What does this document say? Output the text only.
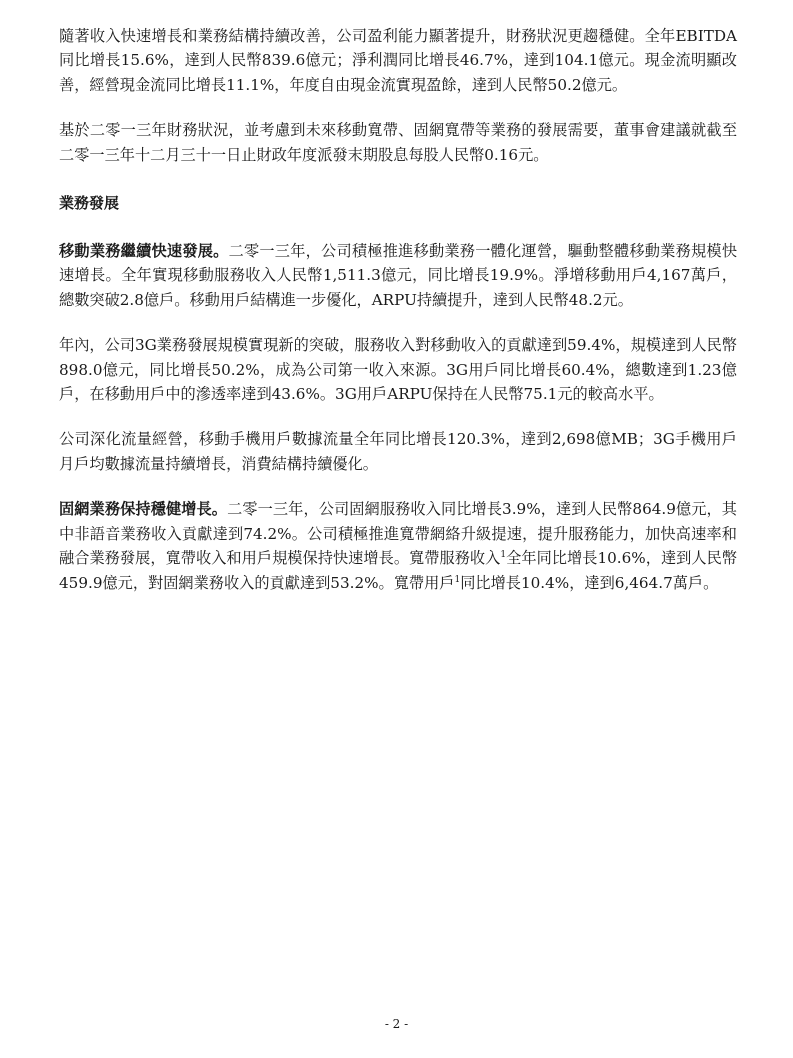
隨著收入快速增長和業務結構持續改善，公司盈利能力顯著提升，財務狀況更趨穩健。全年EBITDA同比增長15.6%，達到人民幣839.6億元；淨利潤同比增長46.7%，達到104.1億元。現金流明顯改善，經營現金流同比增長11.1%，年度自由現金流實現盈餘，達到人民幣50.2億元。

基於二零一三年財務狀況，並考慮到未來移動寬帶、固網寬帶等業務的發展需要，董事會建議就截至二零一三年十二月三十一日止財政年度派發末期股息每股人民幣0.16元。

業務發展

移動業務繼續快速發展。二零一三年，公司積極推進移動業務一體化運營，驅動整體移動業務規模快速增長。全年實現移動服務收入人民幣1,511.3億元，同比增長19.9%。淨增移動用戶4,167萬戶，總數突破2.8億戶。移動用戶結構進一步優化，ARPU持續提升，達到人民幣48.2元。

年內，公司3G業務發展規模實現新的突破，服務收入對移動收入的貢獻達到59.4%，規模達到人民幣898.0億元，同比增長50.2%，成為公司第一收入來源。3G用戶同比增長60.4%，總數達到1.23億戶，在移動用戶中的滲透率達到43.6%。3G用戶ARPU保持在人民幣75.1元的較高水平。

公司深化流量經營，移動手機用戶數據流量全年同比增長120.3%，達到2,698億MB；3G手機用戶月戶均數據流量持續增長，消費結構持續優化。

固網業務保持穩健增長。二零一三年，公司固網服務收入同比增長3.9%，達到人民幣864.9億元，其中非語音業務收入貢獻達到74.2%。公司積極推進寬帶網絡升級提速，提升服務能力，加快高速率和融合業務發展，寬帶收入和用戶規模保持快速增長。寬帶服務收入$^1$全年同比增長10.6%，達到人民幣459.9億元，對固網業務收入的貢獻達到53.2%。寬帶用戶$^1$同比增長10.4%，達到6,464.7萬戶。

- 2 -
